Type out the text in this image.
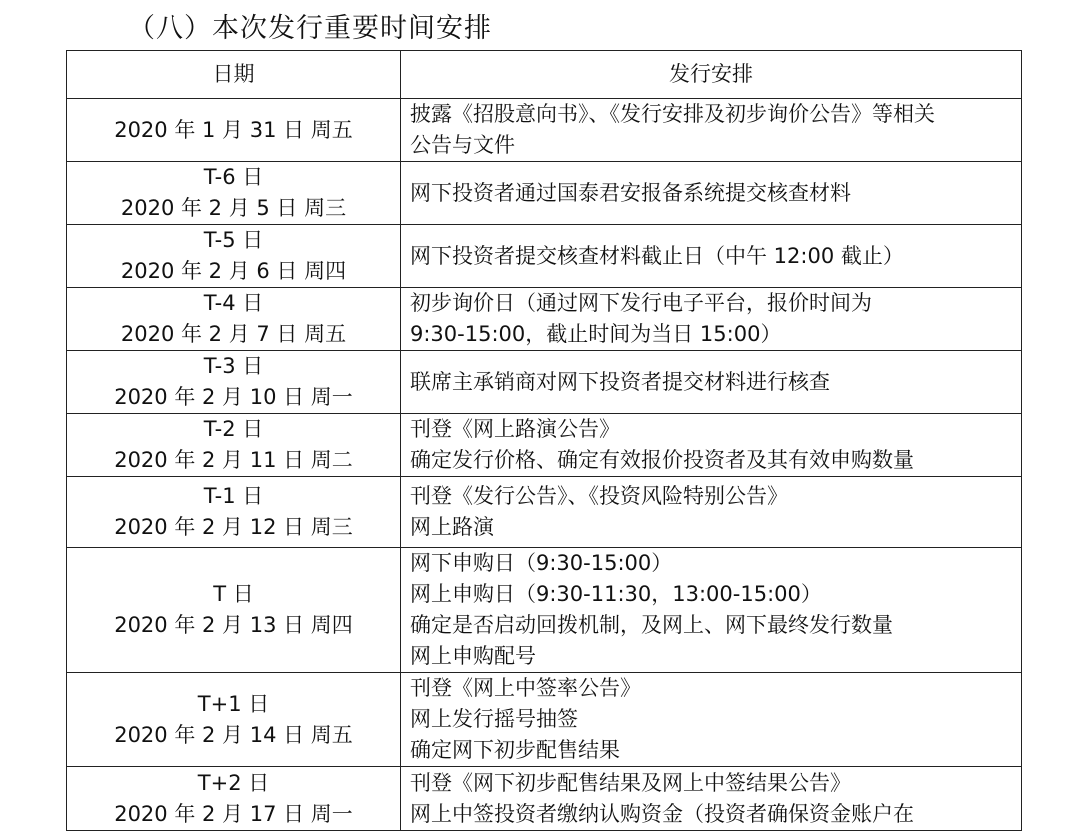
（八）本次发行重要时间安排
日期	发行安排

2020 年 1 月 31 日 周五	披露《招股意向书》、《发行安排及初步询价公告》等相关
公告与文件

T-6 日
2020 年 2 月 5 日 周三	网下投资者通过国泰君安报备系统提交核查材料

T-5 日
2020 年 2 月 6 日 周四	网下投资者提交核查材料截止日（中午 12:00 截止）

T-4 日
2020 年 2 月 7 日 周五	初步询价日（通过网下发行电子平台，报价时间为
9:30-15:00，截止时间为当日 15:00）

T-3 日
2020 年 2 月 10 日 周一	联席主承销商对网下投资者提交材料进行核查

T-2 日
2020 年 2 月 11 日 周二	刊登《网上路演公告》
确定发行价格、确定有效报价投资者及其有效申购数量

T-1 日
2020 年 2 月 12 日 周三	刊登《发行公告》、《投资风险特别公告》
网上路演

T 日
2020 年 2 月 13 日 周四	网下申购日（9:30-15:00）
网上申购日（9:30-11:30，13:00-15:00）
确定是否启动回拨机制，及网上、网下最终发行数量
网上申购配号

T+1 日
2020 年 2 月 14 日 周五	刊登《网上中签率公告》
网上发行摇号抽签
确定网下初步配售结果

T+2 日
2020 年 2 月 17 日 周一	刊登《网下初步配售结果及网上中签结果公告》
网上中签投资者缴纳认购资金（投资者确保资金账户在
